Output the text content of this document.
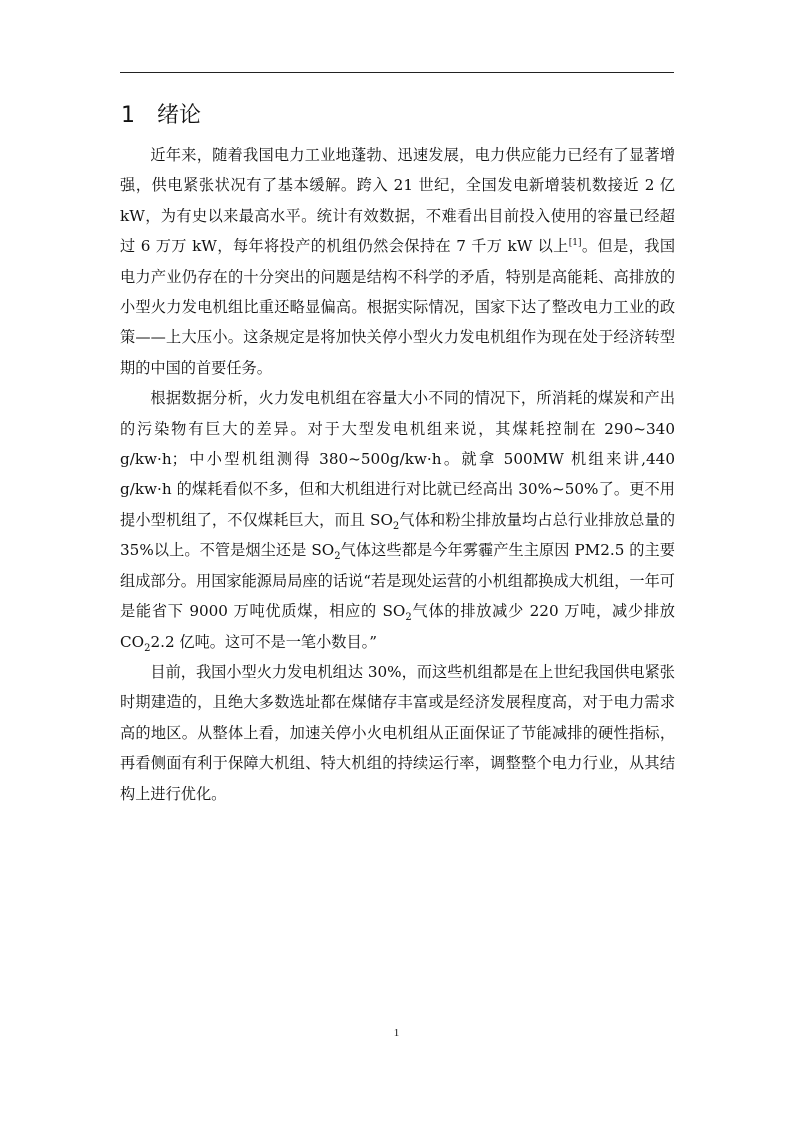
1 绪论

近年来，随着我国电力工业地蓬勃、迅速发展，电力供应能力已经有了显著增强，供电紧张状况有了基本缓解。跨入 21 世纪，全国发电新增装机数接近 2 亿 kW，为有史以来最高水平。统计有效数据，不难看出目前投入使用的容量已经超过 6 万万 kW，每年将投产的机组仍然会保持在 7 千万 kW 以上[1]。但是，我国电力产业仍存在的十分突出的问题是结构不科学的矛盾，特别是高能耗、高排放的小型火力发电机组比重还略显偏高。根据实际情况，国家下达了整改电力工业的政策——上大压小。这条规定是将加快关停小型火力发电机组作为现在处于经济转型期的中国的首要任务。

根据数据分析，火力发电机组在容量大小不同的情况下，所消耗的煤炭和产出的污染物有巨大的差异。对于大型发电机组来说，其煤耗控制在 290~340 g/kw·h；中小型机组测得 380~500g/kw·h。就拿 500MW 机组来讲,440 g/kw·h 的煤耗看似不多，但和大机组进行对比就已经高出 30%~50%了。更不用提小型机组了，不仅煤耗巨大，而且 $SO_2$气体和粉尘排放量均占总行业排放总量的 35%以上。不管是烟尘还是 $SO_2$气体这些都是今年雾霾产生主原因 PM2.5 的主要组成部分。用国家能源局局座的话说“若是现处运营的小机组都换成大机组，一年可是能省下 9000 万吨优质煤，相应的 $SO_2$气体的排放减少 220 万吨，减少排放 $CO_22.2$ 亿吨。这可不是一笔小数目。”

目前，我国小型火力发电机组达 30%，而这些机组都是在上世纪我国供电紧张时期建造的，且绝大多数选址都在煤储存丰富或是经济发展程度高，对于电力需求高的地区。从整体上看，加速关停小火电机组从正面保证了节能减排的硬性指标，再看侧面有利于保障大机组、特大机组的持续运行率，调整整个电力行业，从其结构上进行优化。

1
